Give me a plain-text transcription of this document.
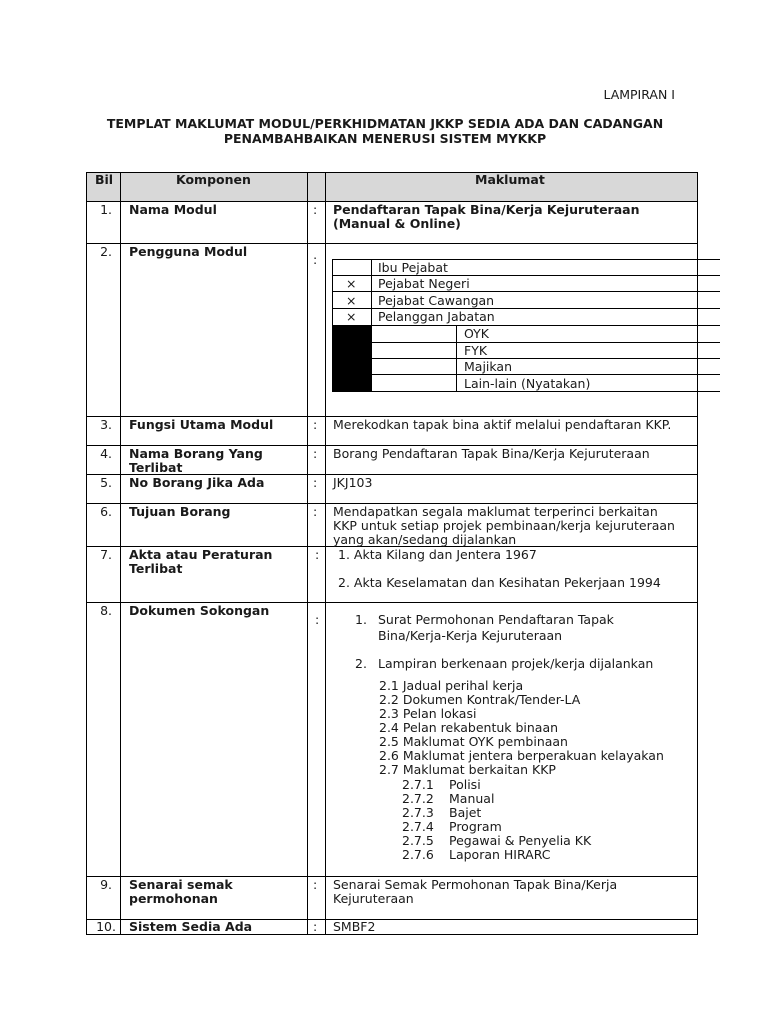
LAMPIRAN I
TEMPLAT MAKLUMAT MODUL/PERKHIDMATAN JKKP SEDIA ADA DAN CADANGAN
PENAMBAHBAIKAN MENERUSI SISTEM MYKKP
Bil	Komponen	Maklumat
1. Nama Modul	: Pendaftaran Tapak Bina/Kerja Kejuruteraan
(Manual & Online)
2. Pengguna Modul
:
Ibu Pejabat
× Pejabat Negeri
× Pejabat Cawangan
× Pelanggan Jabatan
OYK
FYK
Majikan
Lain-lain (Nyatakan)
3. Fungsi Utama Modul	: Merekodkan tapak bina aktif melalui pendaftaran KKP.
4. Nama Borang Yang
Terlibat
: Borang Pendaftaran Tapak Bina/Kerja Kejuruteraan
5. No Borang Jika Ada	: JKJ103
6. Tujuan Borang	: Mendapatkan segala maklumat terperinci berkaitan
KKP untuk setiap projek pembinaan/kerja kejuruteraan
yang akan/sedang dijalankan
7. Akta atau Peraturan
Terlibat
: 1. Akta Kilang dan Jentera 1967
2. Akta Keselamatan dan Kesihatan Pekerjaan 1994
8. Dokumen Sokongan
:	1. Surat Permohonan Pendaftaran Tapak
Bina/Kerja-Kerja Kejuruteraan
2. Lampiran berkenaan projek/kerja dijalankan
2.1 Jadual perihal kerja
2.2 Dokumen Kontrak/Tender-LA
2.3 Pelan lokasi
2.4 Pelan rekabentuk binaan
2.5 Maklumat OYK pembinaan
2.6 Maklumat jentera berperakuan kelayakan
2.7 Maklumat berkaitan KKP
2.7.1 Polisi
2.7.2 Manual
2.7.3 Bajet
2.7.4 Program
2.7.5 Pegawai & Penyelia KK
2.7.6 Laporan HIRARC
9. Senarai semak
permohonan
: Senarai Semak Permohonan Tapak Bina/Kerja
Kejuruteraan
10. Sistem Sedia Ada	: SMBF2
